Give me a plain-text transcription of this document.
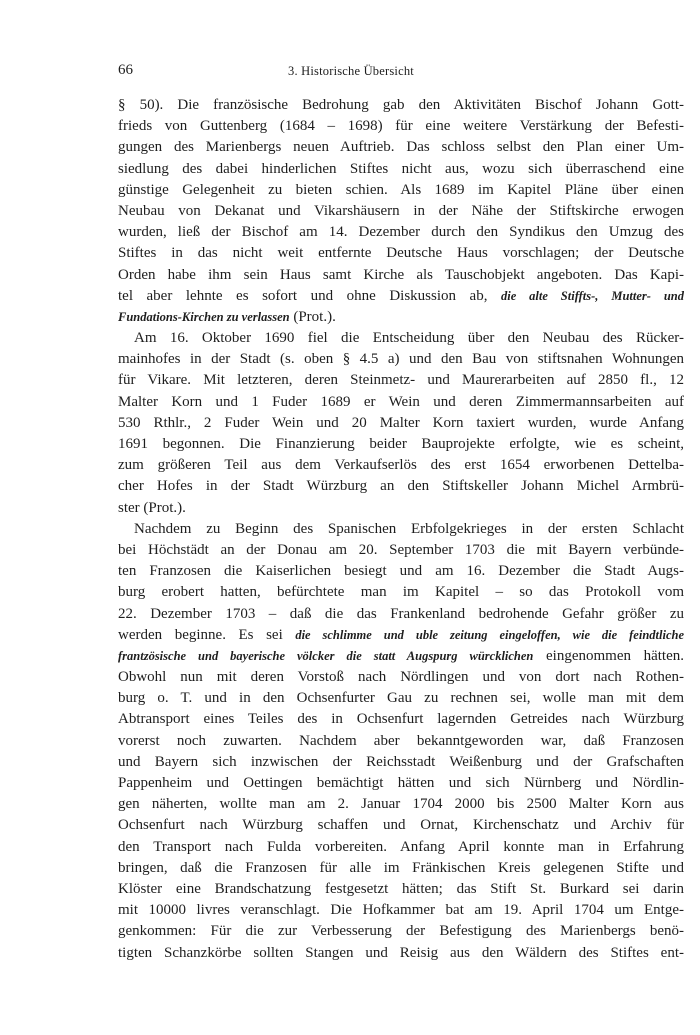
66	3. Historische Übersicht
§ 50). Die französische Bedrohung gab den Aktivitäten Bischof Johann Gott-
frieds von Guttenberg (1684 – 1698) für eine weitere Verstärkung der Befesti-
gungen des Marienbergs neuen Auftrieb. Das schloss selbst den Plan einer Um-
siedlung des dabei hinderlichen Stiftes nicht aus, wozu sich überraschend eine
günstige Gelegenheit zu bieten schien. Als 1689 im Kapitel Pläne über einen
Neubau von Dekanat und Vikarshäusern in der Nähe der Stiftskirche erwogen
wurden, ließ der Bischof am 14. Dezember durch den Syndikus den Umzug des
Stiftes in das nicht weit entfernte Deutsche Haus vorschlagen; der Deutsche
Orden habe ihm sein Haus samt Kirche als Tauschobjekt angeboten. Das Kapi-
tel aber lehnte es sofort und ohne Diskussion ab, die alte Stiffts-, Mutter- und
Fundations-Kirchen zu verlassen (Prot.).
Am 16. Oktober 1690 fiel die Entscheidung über den Neubau des Rücker-
mainhofes in der Stadt (s. oben § 4.5 a) und den Bau von stiftsnahen Wohnungen
für Vikare. Mit letzteren, deren Steinmetz- und Maurerarbeiten auf 2850 fl., 12
Malter Korn und 1 Fuder 1689 er Wein und deren Zimmermannsarbeiten auf
530 Rthlr., 2 Fuder Wein und 20 Malter Korn taxiert wurden, wurde Anfang
1691 begonnen. Die Finanzierung beider Bauprojekte erfolgte, wie es scheint,
zum größeren Teil aus dem Verkaufserlös des erst 1654 erworbenen Dettelba-
cher Hofes in der Stadt Würzburg an den Stiftskeller Johann Michel Armbrü-
ster (Prot.).
Nachdem zu Beginn des Spanischen Erbfolgekrieges in der ersten Schlacht
bei Höchstädt an der Donau am 20. September 1703 die mit Bayern verbünde-
ten Franzosen die Kaiserlichen besiegt und am 16. Dezember die Stadt Augs-
burg erobert hatten, befürchtete man im Kapitel – so das Protokoll vom
22. Dezember 1703 – daß die das Frankenland bedrohende Gefahr größer zu
werden beginne. Es sei die schlimme und uble zeitung eingeloffen, wie die feindtliche
frantzösische und bayerische völcker die statt Augspurg würcklichen eingenommen hätten.
Obwohl nun mit deren Vorstoß nach Nördlingen und von dort nach Rothen-
burg o. T. und in den Ochsenfurter Gau zu rechnen sei, wolle man mit dem
Abtransport eines Teiles des in Ochsenfurt lagernden Getreides nach Würzburg
vorerst noch zuwarten. Nachdem aber bekanntgeworden war, daß Franzosen
und Bayern sich inzwischen der Reichsstadt Weißenburg und der Grafschaften
Pappenheim und Oettingen bemächtigt hätten und sich Nürnberg und Nördlin-
gen näherten, wollte man am 2. Januar 1704 2000 bis 2500 Malter Korn aus
Ochsenfurt nach Würzburg schaffen und Ornat, Kirchenschatz und Archiv für
den Transport nach Fulda vorbereiten. Anfang April konnte man in Erfahrung
bringen, daß die Franzosen für alle im Fränkischen Kreis gelegenen Stifte und
Klöster eine Brandschatzung festgesetzt hätten; das Stift St. Burkard sei darin
mit 10000 livres veranschlagt. Die Hofkammer bat am 19. April 1704 um Entge-
genkommen: Für die zur Verbesserung der Befestigung des Marienbergs benö-
tigten Schanzkörbe sollten Stangen und Reisig aus den Wäldern des Stiftes ent-
